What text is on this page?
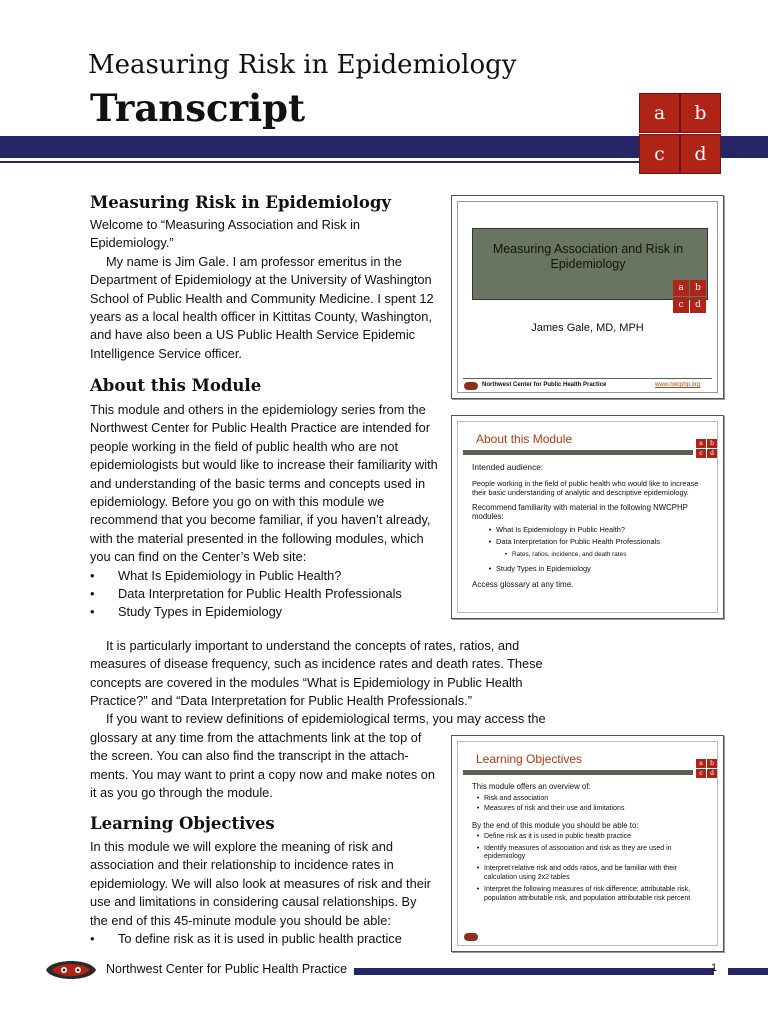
Measuring Risk in Epidemiology
Transcript	a	b
c	d
Measuring Risk in Epidemiology

Welcome to “Measuring Association and Risk in Epidemiology.”

My name is Jim Gale. I am professor emeritus in the Department of Epidemiology at the University of Washington School of Public Health and Community Medicine. I spent 12 years as a local health officer in Kittitas County, Washington, and have also been a US Public Health Service Epidemic Intelligence Service officer.

About this Module

This module and others in the epidemiology series from the Northwest Center for Public Health Practice are intended for people working in the field of public health who are not epidemiologists but would like to increase their familiarity with and understanding of the basic terms and concepts used in epidemiology. Before you go on with this module we recommend that you become familiar, if you haven’t already, with the material presented in the following modules, which you can find on the Center’s Web site:

•	What Is Epidemiology in Public Health?
•	Data Interpretation for Public Health Professionals
•	Study Types in Epidemiology

It is particularly important to understand the concepts of rates, ratios, and measures of disease frequency, such as incidence rates and death rates. These concepts are covered in the modules “What is Epidemiology in Public Health Practice?” and “Data Interpretation for Public Health Professionals.”

If you want to review definitions of epidemiological terms, you may access the

glossary at any time from the attachments link at the top of the screen. You can also find the transcript in the attach-ments. You may want to print a copy now and make notes on it as you go through the module.

Learning Objectives

In this module we will explore the meaning of risk and association and their relationship to incidence rates in epidemiology. We will also look at measures of risk and their use and limitations in considering causal relationships. By the end of this 45-minute module you should be able:

•	To define risk as it is used in public health practice
Measuring Association and Risk in Epidemiology
a	b
c	d
James Gale, MD, MPH
Northwest Center for Public Health Practice	www.nwcphp.org
About this Module	a	b
c	d

Intended audience:

People working in the field of public health who would like to increase their basic understanding of analytic and descriptive epidemiology.

Recommend familiarity with material in the following NWCPHP modules:

• What Is Epidemiology in Public Health?
• Data Interpretation for Public Health Professionals
• Rates, ratios, incidence, and death rates
• Study Types in Epidemiology

Access glossary at any time.

Learning Objectives	a	b
c	d

This module offers an overview of:

• Risk and association
• Measures of risk and their use and limitations

By the end of this module you should be able to:

• Define risk as it is used in public health practice
• Identify measures of association and risk as they are used in epidemiology
• Interpret relative risk and odds ratios, and be familiar with their calculation using 2x2 tables
• Interpret the following measures of risk difference: attributable risk, population attributable risk, and population attributable risk percent
Northwest Center for Public Health Practice	1
